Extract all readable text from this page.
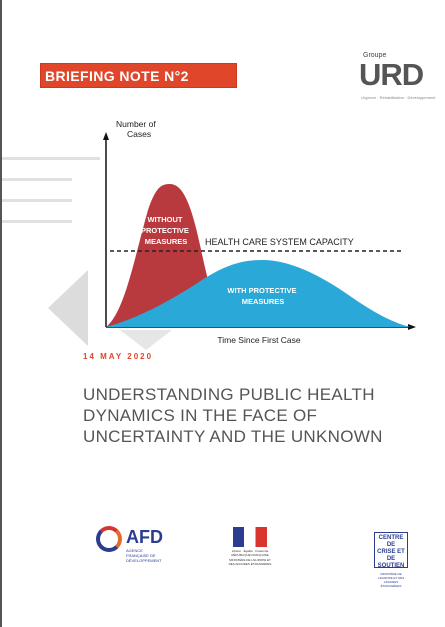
BRIEFING NOTE N°2
Groupe
URD
Urgence · Réhabilitation · Développement
Number of Cases
HEALTH CARE SYSTEM CAPACITY
WITHOUT PROTECTIVE MEASURES
WITH PROTECTIVE MEASURES
Time Since First Case
14 MAY 2020
UNDERSTANDING PUBLIC HEALTH
DYNAMICS IN THE FACE OF
UNCERTAINTY AND THE UNKNOWN
AFD
AGENCE FRANÇAISE DE DÉVELOPPEMENT
Liberté · Égalité · Fraternité
RÉPUBLIQUE FRANÇAISE
MINISTÈRE DE L'EUROPE ET DES AFFAIRES ÉTRANGÈRES
CENTRE
DE CRISE ET DE SOUTIEN
MINISTÈRE DE L'EUROPE ET DES AFFAIRES ÉTRANGÈRES
